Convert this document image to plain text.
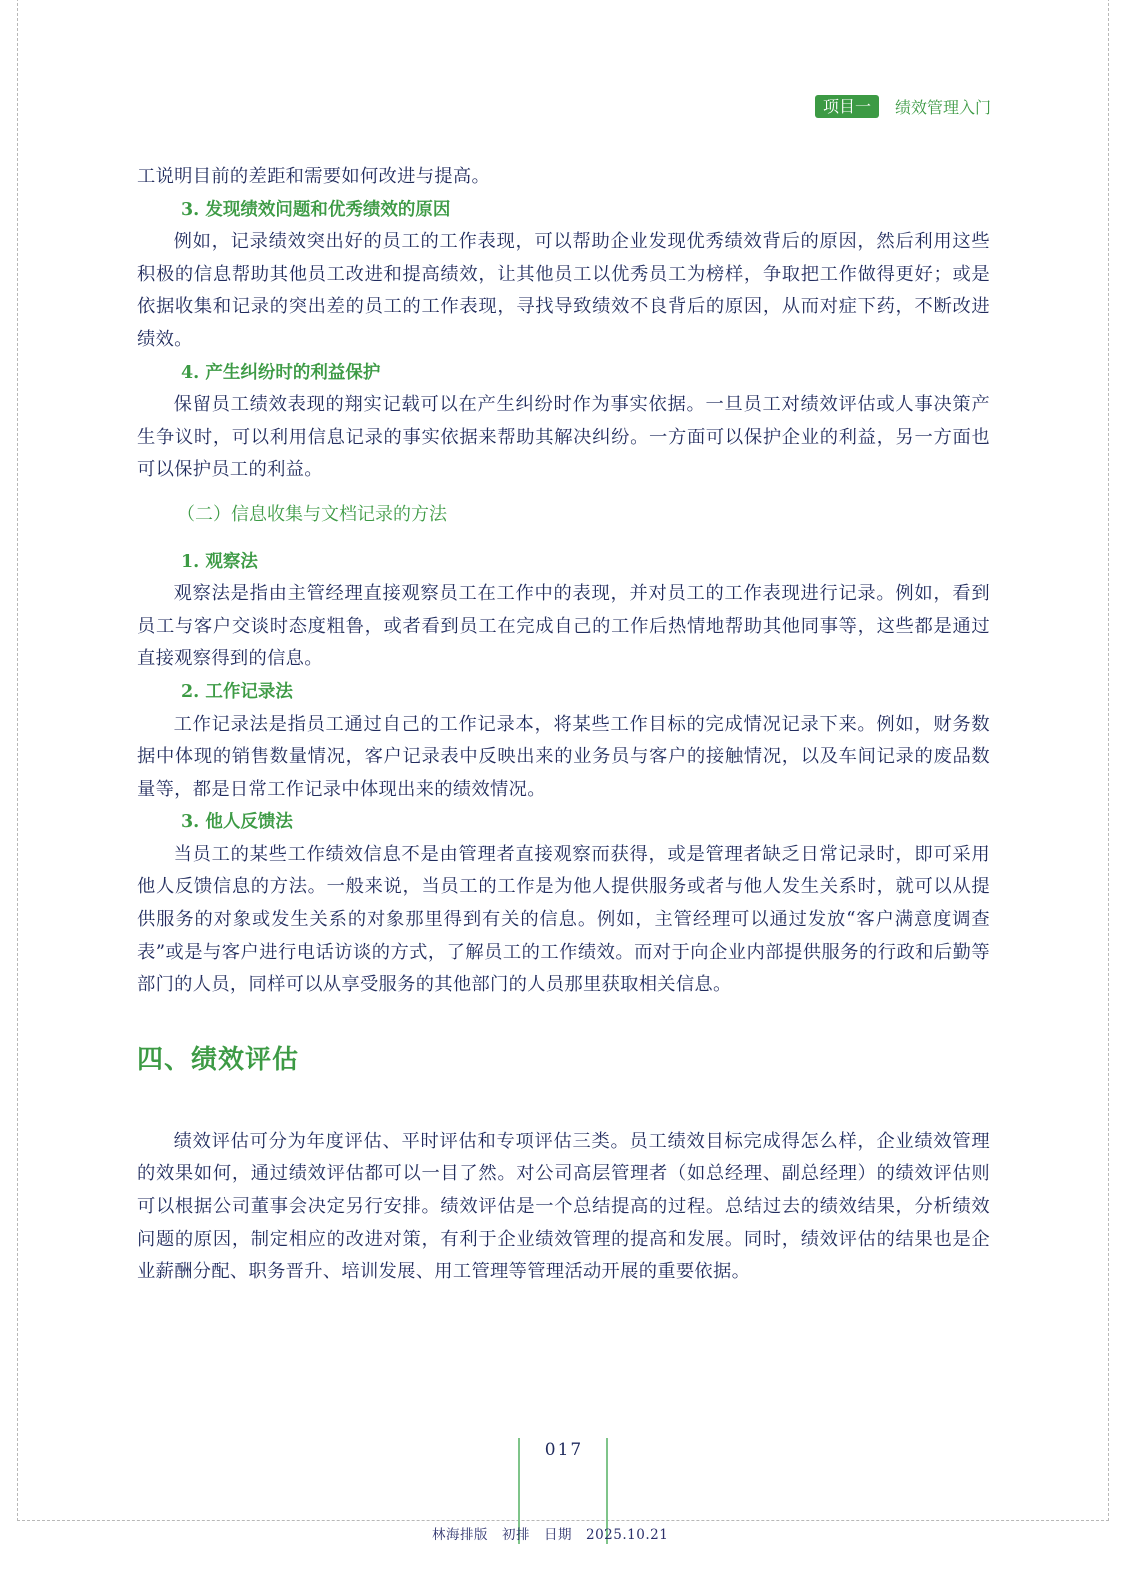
项目一	绩效管理入门

工说明目前的差距和需要如何改进与提高。

3. 发现绩效问题和优秀绩效的原因

例如，记录绩效突出好的员工的工作表现，可以帮助企业发现优秀绩效背后的原因，然后利用这些积极的信息帮助其他员工改进和提高绩效，让其他员工以优秀员工为榜样，争取把工作做得更好；或是依据收集和记录的突出差的员工的工作表现，寻找导致绩效不良背后的原因，从而对症下药，不断改进绩效。

4. 产生纠纷时的利益保护

保留员工绩效表现的翔实记载可以在产生纠纷时作为事实依据。一旦员工对绩效评估或人事决策产生争议时，可以利用信息记录的事实依据来帮助其解决纠纷。一方面可以保护企业的利益，另一方面也可以保护员工的利益。

（二）信息收集与文档记录的方法

1. 观察法

观察法是指由主管经理直接观察员工在工作中的表现，并对员工的工作表现进行记录。例如，看到员工与客户交谈时态度粗鲁，或者看到员工在完成自己的工作后热情地帮助其他同事等，这些都是通过直接观察得到的信息。

2. 工作记录法

工作记录法是指员工通过自己的工作记录本，将某些工作目标的完成情况记录下来。例如，财务数据中体现的销售数量情况，客户记录表中反映出来的业务员与客户的接触情况，以及车间记录的废品数量等，都是日常工作记录中体现出来的绩效情况。

3. 他人反馈法

当员工的某些工作绩效信息不是由管理者直接观察而获得，或是管理者缺乏日常记录时，即可采用他人反馈信息的方法。一般来说，当员工的工作是为他人提供服务或者与他人发生关系时，就可以从提供服务的对象或发生关系的对象那里得到有关的信息。例如，主管经理可以通过发放“客户满意度调查表”或是与客户进行电话访谈的方式，了解员工的工作绩效。而对于向企业内部提供服务的行政和后勤等部门的人员，同样可以从享受服务的其他部门的人员那里获取相关信息。

四、绩效评估

绩效评估可分为年度评估、平时评估和专项评估三类。员工绩效目标完成得怎么样，企业绩效管理的效果如何，通过绩效评估都可以一目了然。对公司高层管理者（如总经理、副总经理）的绩效评估则可以根据公司董事会决定另行安排。绩效评估是一个总结提高的过程。总结过去的绩效结果，分析绩效问题的原因，制定相应的改进对策，有利于企业绩效管理的提高和发展。同时，绩效评估的结果也是企业薪酬分配、职务晋升、培训发展、用工管理等管理活动开展的重要依据。

017
林海排版 初排 日期 2025.10.21
